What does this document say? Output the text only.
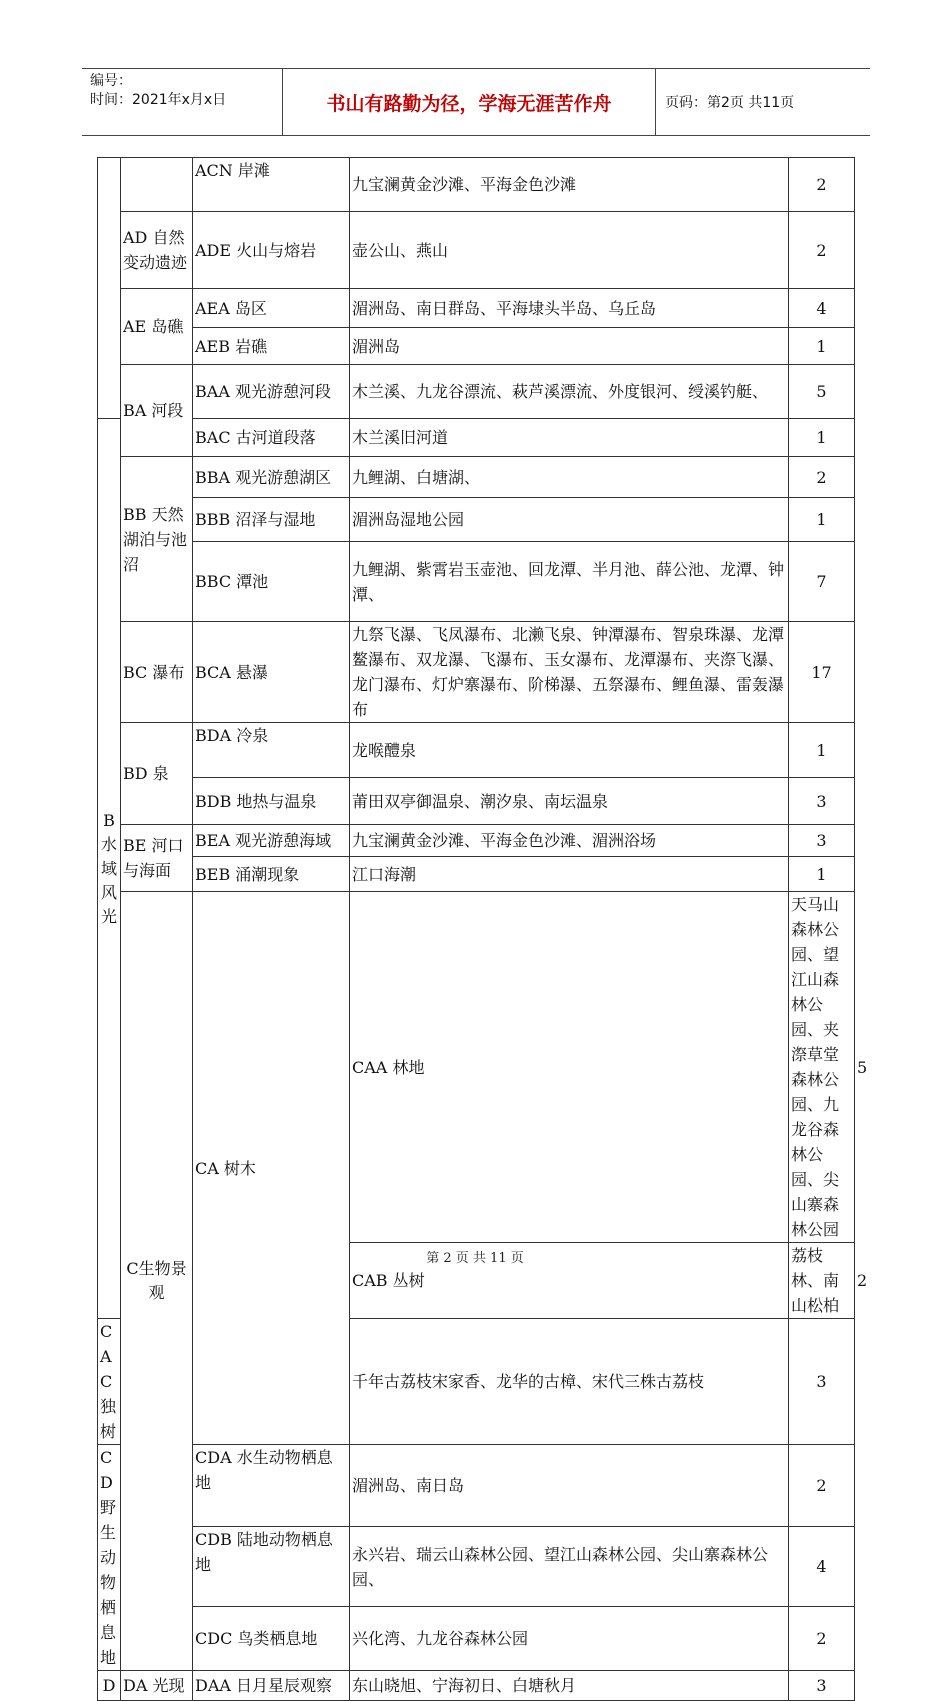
编号：
时间：2021年x月x日	书山有路勤为径，学海无涯苦作舟	页码：第2页 共11页
		ACN 岸滩	九宝澜黄金沙滩、平海金色沙滩	2	
	AD 自然变动遗迹	ADE 火山与熔岩	壶公山、燕山	2	
	AE 岛礁	AEA 岛区	湄洲岛、南日群岛、平海埭头半岛、乌丘岛	4	
		AEB 岩礁	湄洲岛	1	
	BA 河段	BAA 观光游憩河段	木兰溪、九龙谷漂流、萩芦溪漂流、外度银河、绶溪钓艇、	5	
B水域风光		BAC 古河道段落	木兰溪旧河道	1	
	BB 天然湖泊与池沼	BBA 观光游憩湖区	九鲤湖、白塘湖、	2	
		BBB 沼泽与湿地	湄洲岛湿地公园	1	
		BBC 潭池	九鲤湖、紫霄岩玉壶池、回龙潭、半月池、薛公池、龙潭、钟潭、	7	
	BC 瀑布	BCA 悬瀑	九祭飞瀑、飞凤瀑布、北濑飞泉、钟潭瀑布、智泉珠瀑、龙潭鳌瀑布、双龙瀑、飞瀑布、玉女瀑布、龙潭瀑布、夹漈飞瀑、龙门瀑布、灯炉寨瀑布、阶梯瀑、五祭瀑布、鲤鱼瀑、雷轰瀑布	17	
	BD 泉	BDA 冷泉	龙喉醴泉	1	
		BDB 地热与温泉	莆田双亭御温泉、潮汐泉、南坛温泉	3	
	BE 河口与海面	BEA 观光游憩海域	九宝澜黄金沙滩、平海金色沙滩、湄洲浴场	3	
		BEB 涌潮现象	江口海潮	1	
	C生物景观	CA 树木	CAA 林地	天马山森林公园、望江山森林公园、夹漈草堂森林公园、九龙谷森林公园、尖山寨森林公园	5
			CAB 丛树	荔枝林、南山松柏	2
CAC 独树			千年古荔枝宋家香、龙华的古樟、宋代三株古荔枝	3	
CD 野生动物栖息地		CDA 水生动物栖息地	湄洲岛、南日岛	2	
		CDB 陆地动物栖息地	永兴岩、瑞云山森林公园、望江山森林公园、尖山寨森林公园、	4	
		CDC 鸟类栖息地	兴化湾、九龙谷森林公园	2	
D	DA 光现	DAA 日月星辰观察	东山晓旭、宁海初日、白塘秋月	3	
第 2 页 共 11 页
